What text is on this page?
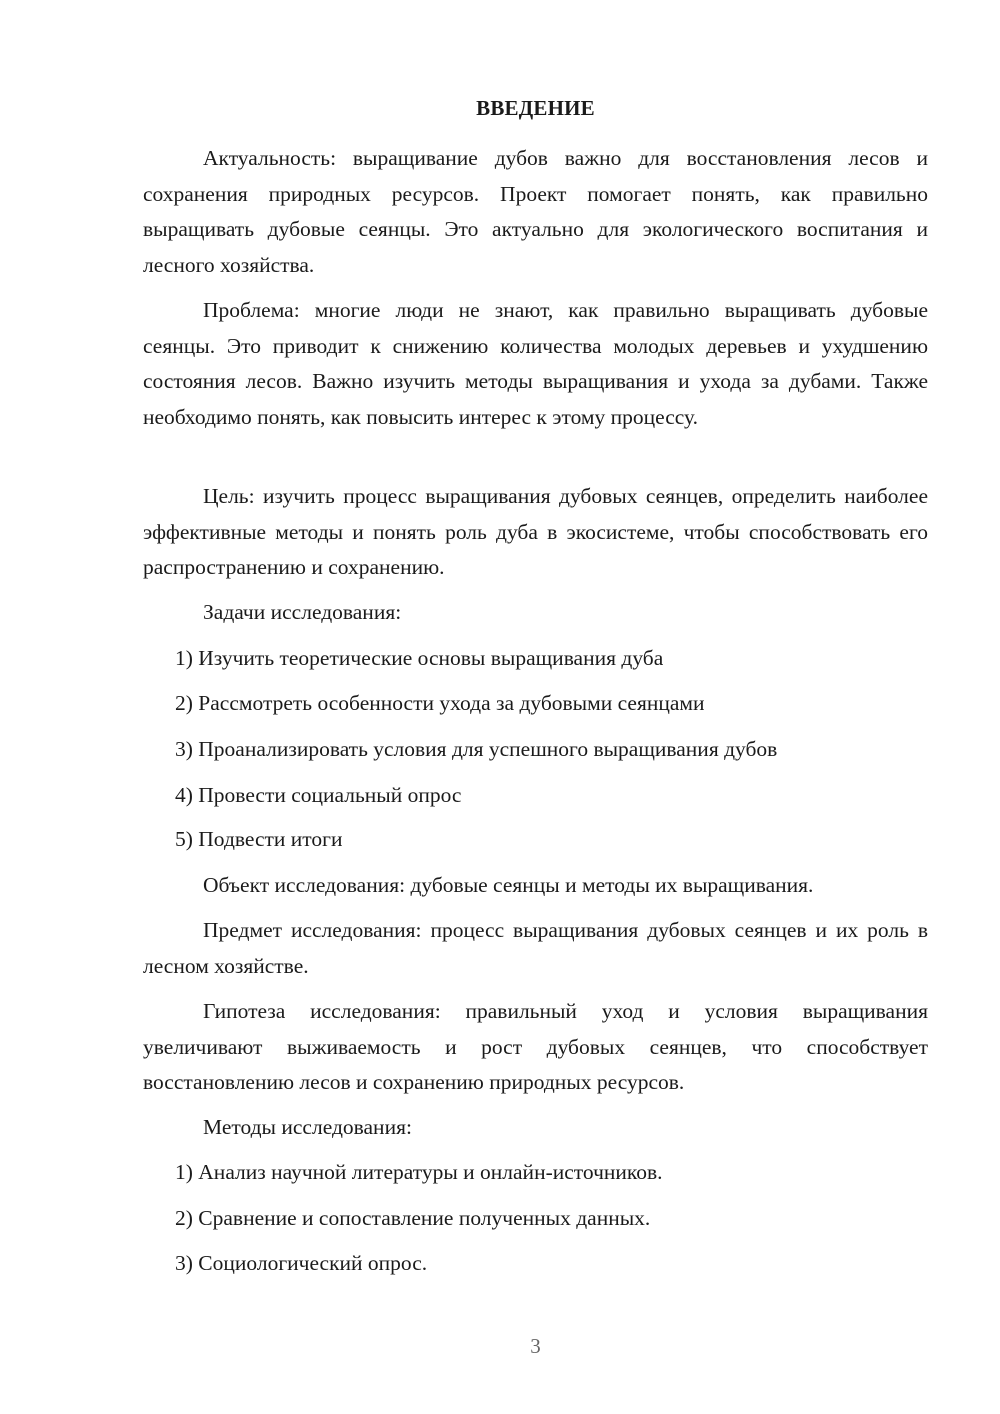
ВВЕДЕНИЕ

Актуальность: выращивание дубов важно для восстановления лесов и сохранения природных ресурсов. Проект помогает понять, как правильно выращивать дубовые сеянцы. Это актуально для экологического воспитания и лесного хозяйства.

Проблема: многие люди не знают, как правильно выращивать дубовые сеянцы. Это приводит к снижению количества молодых деревьев и ухудшению состояния лесов. Важно изучить методы выращивания и ухода за дубами. Также необходимо понять, как повысить интерес к этому процессу.

Цель: изучить процесс выращивания дубовых сеянцев, определить наиболее эффективные методы и понять роль дуба в экосистеме, чтобы способствовать его распространению и сохранению.

Задачи исследования:

1) Изучить теоретические основы выращивания дуба

2) Рассмотреть особенности ухода за дубовыми сеянцами

3) Проанализировать условия для успешного выращивания дубов

4) Провести социальный опрос

5) Подвести итоги

Объект исследования: дубовые сеянцы и методы их выращивания.

Предмет исследования: процесс выращивания дубовых сеянцев и их роль в лесном хозяйстве.

Гипотеза исследования: правильный уход и условия выращивания увеличивают выживаемость и рост дубовых сеянцев, что способствует восстановлению лесов и сохранению природных ресурсов.

Методы исследования:

1) Анализ научной литературы и онлайн-источников.

2) Сравнение и сопоставление полученных данных.

3) Социологический опрос.

3
